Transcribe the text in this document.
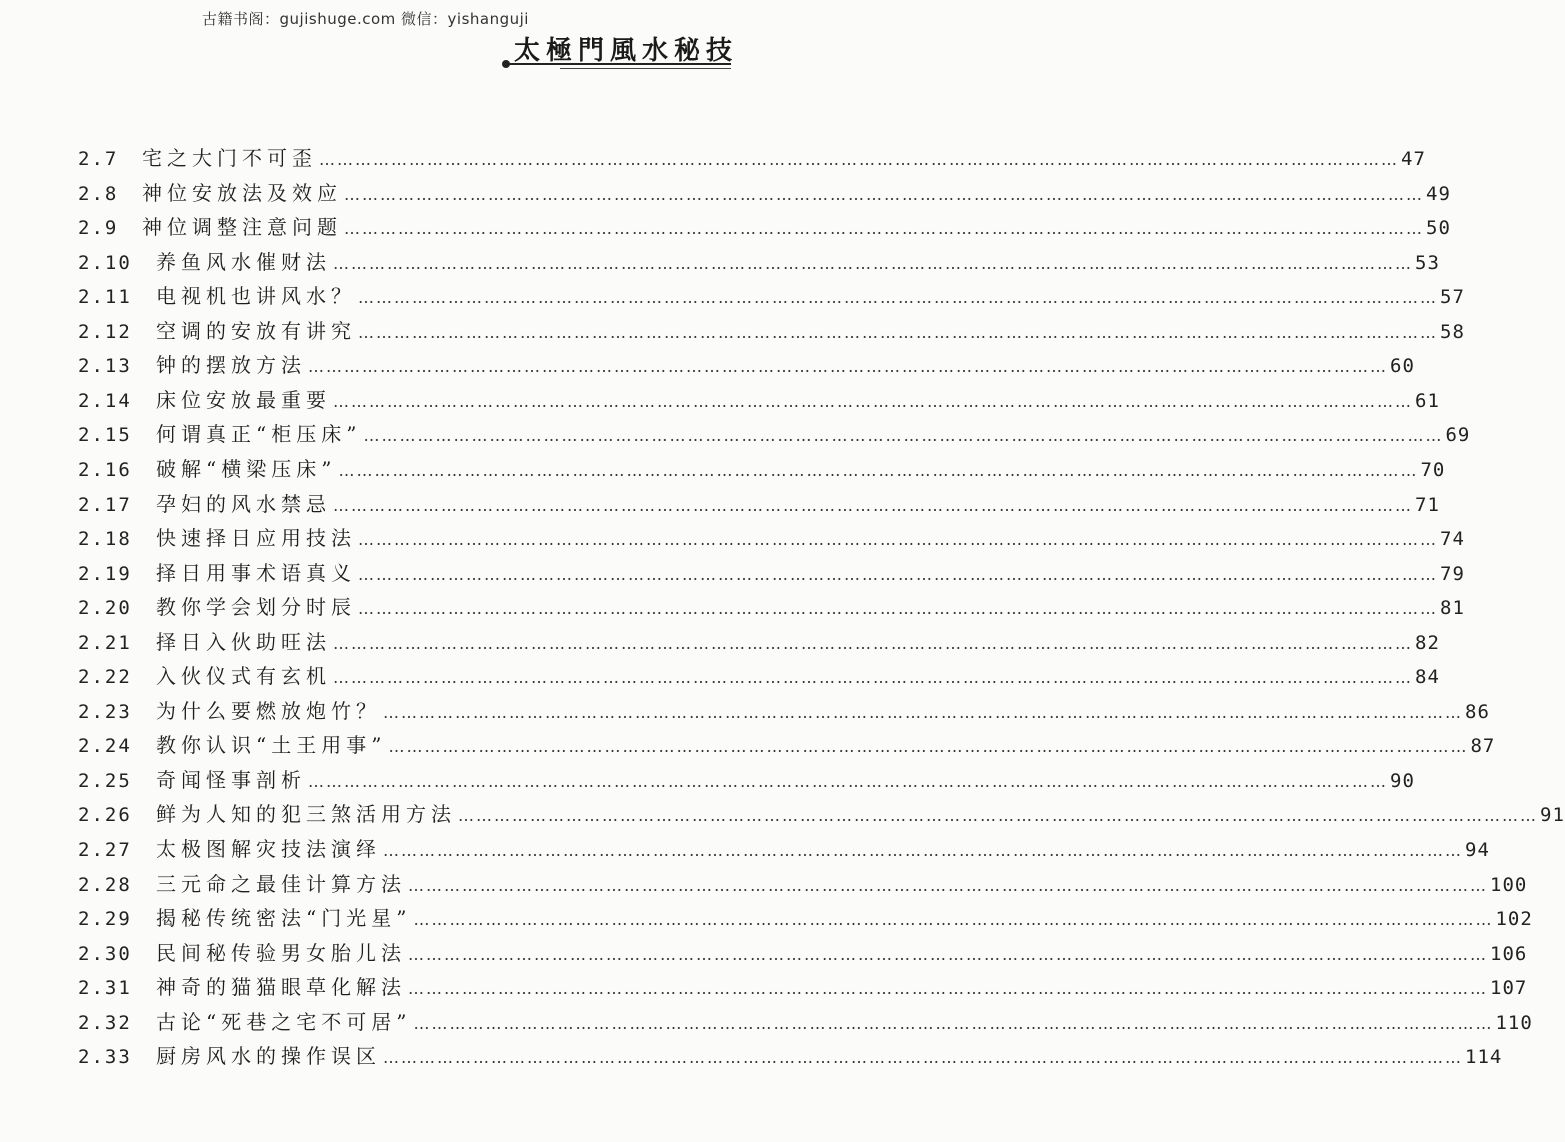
古籍书阁：gujishuge.com 微信：yishanguji
太極門風水秘技
2.7	宅之大门不可歪 ……………………………………………………………………………………………………………………………………………………………… 47
2.8	神位安放法及效应 ……………………………………………………………………………………………………………………………………………………………… 49
2.9	神位调整注意问题 ……………………………………………………………………………………………………………………………………………………………… 50
2.10	养鱼风水催财法 ……………………………………………………………………………………………………………………………………………………………… 53
2.11	电视机也讲风水？ ……………………………………………………………………………………………………………………………………………………………… 57
2.12	空调的安放有讲究 ……………………………………………………………………………………………………………………………………………………………… 58
2.13	钟的摆放方法 ……………………………………………………………………………………………………………………………………………………………… 60
2.14	床位安放最重要 ……………………………………………………………………………………………………………………………………………………………… 61
2.15	何谓真正“柜压床” ……………………………………………………………………………………………………………………………………………………………… 69
2.16	破解“横梁压床” ……………………………………………………………………………………………………………………………………………………………… 70
2.17	孕妇的风水禁忌 ……………………………………………………………………………………………………………………………………………………………… 71
2.18	快速择日应用技法 ……………………………………………………………………………………………………………………………………………………………… 74
2.19	择日用事术语真义 ……………………………………………………………………………………………………………………………………………………………… 79
2.20	教你学会划分时辰 ……………………………………………………………………………………………………………………………………………………………… 81
2.21	择日入伙助旺法 ……………………………………………………………………………………………………………………………………………………………… 82
2.22	入伙仪式有玄机 ……………………………………………………………………………………………………………………………………………………………… 84
2.23	为什么要燃放炮竹？ ……………………………………………………………………………………………………………………………………………………………… 86
2.24	教你认识“土王用事” ……………………………………………………………………………………………………………………………………………………………… 87
2.25	奇闻怪事剖析 ……………………………………………………………………………………………………………………………………………………………… 90
2.26	鲜为人知的犯三煞活用方法 ……………………………………………………………………………………………………………………………………………………………… 91
2.27	太极图解灾技法演绎 ……………………………………………………………………………………………………………………………………………………………… 94
2.28	三元命之最佳计算方法 ……………………………………………………………………………………………………………………………………………………………… 100
2.29	揭秘传统密法“门光星” ……………………………………………………………………………………………………………………………………………………………… 102
2.30	民间秘传验男女胎儿法 ……………………………………………………………………………………………………………………………………………………………… 106
2.31	神奇的猫猫眼草化解法 ……………………………………………………………………………………………………………………………………………………………… 107
2.32	古论“死巷之宅不可居” ……………………………………………………………………………………………………………………………………………………………… 110
2.33	厨房风水的操作误区 ……………………………………………………………………………………………………………………………………………………………… 114
